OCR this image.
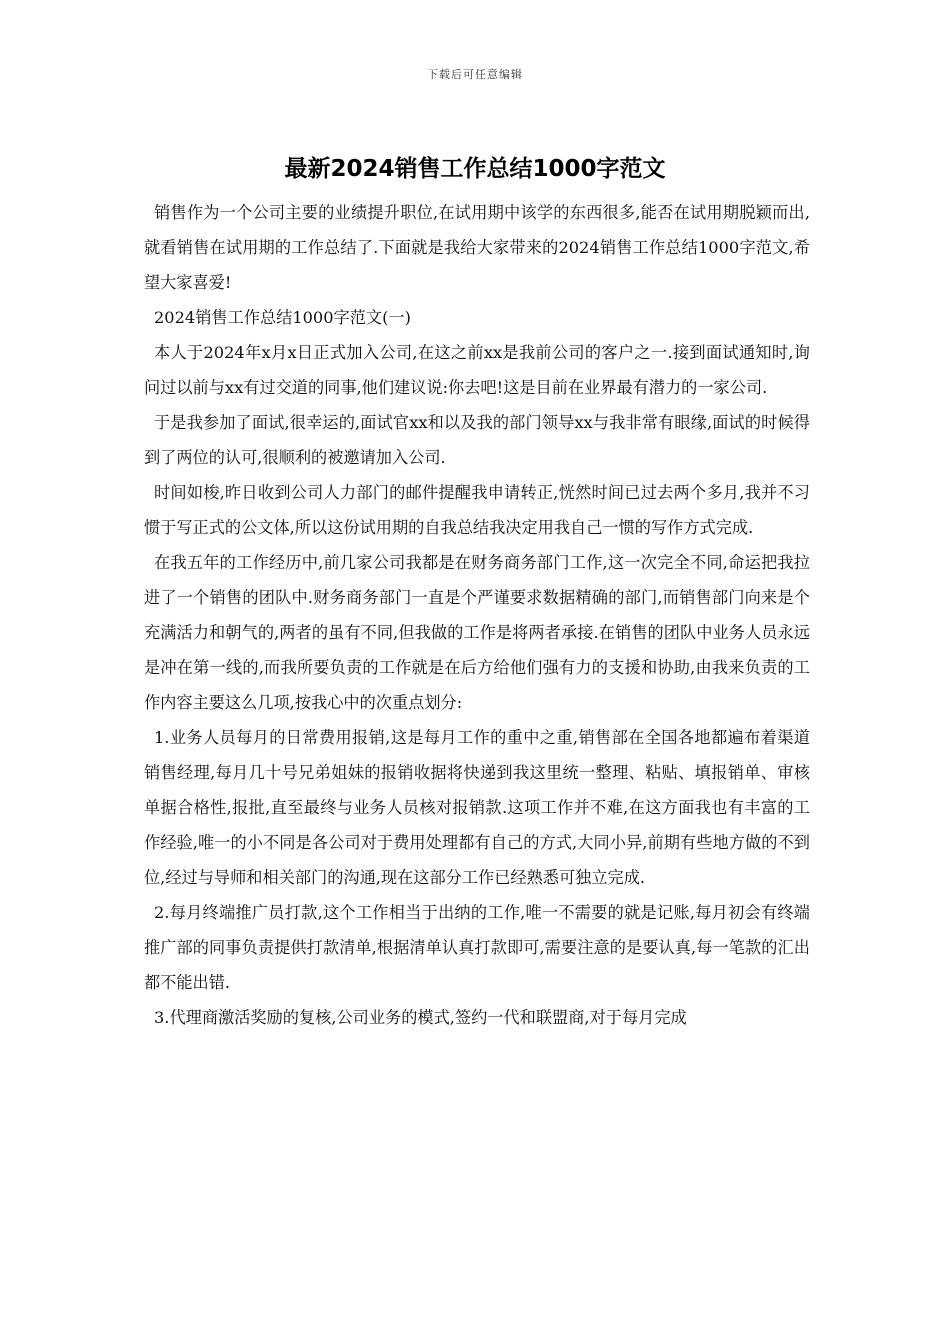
下载后可任意编辑
最新2024销售工作总结1000字范文

销售作为一个公司主要的业绩提升职位,在试用期中该学的东西很多,能否在试用期脱颖而出,就看销售在试用期的工作总结了.下面就是我给大家带来的2024销售工作总结1000字范文,希望大家喜爱!

2024销售工作总结1000字范文(一)

本人于2024年x月x日正式加入公司,在这之前xx是我前公司的客户之一.接到面试通知时,询问过以前与xx有过交道的同事,他们建议说:你去吧!这是目前在业界最有潜力的一家公司.

于是我参加了面试,很幸运的,面试官xx和以及我的部门领导xx与我非常有眼缘,面试的时候得到了两位的认可,很顺利的被邀请加入公司.

时间如梭,昨日收到公司人力部门的邮件提醒我申请转正,恍然时间已过去两个多月,我并不习惯于写正式的公文体,所以这份试用期的自我总结我决定用我自己一惯的写作方式完成.

在我五年的工作经历中,前几家公司我都是在财务商务部门工作,这一次完全不同,命运把我拉进了一个销售的团队中.财务商务部门一直是个严谨要求数据精确的部门,而销售部门向来是个充满活力和朝气的,两者的虽有不同,但我做的工作是将两者承接.在销售的团队中业务人员永远是冲在第一线的,而我所要负责的工作就是在后方给他们强有力的支援和协助,由我来负责的工作内容主要这么几项,按我心中的次重点划分:

1.业务人员每月的日常费用报销,这是每月工作的重中之重,销售部在全国各地都遍布着渠道销售经理,每月几十号兄弟姐妹的报销收据将快递到我这里统一整理、粘贴、填报销单、审核单据合格性,报批,直至最终与业务人员核对报销款.这项工作并不难,在这方面我也有丰富的工作经验,唯一的小不同是各公司对于费用处理都有自己的方式,大同小异,前期有些地方做的不到位,经过与导师和相关部门的沟通,现在这部分工作已经熟悉可独立完成.

2.每月终端推广员打款,这个工作相当于出纳的工作,唯一不需要的就是记账,每月初会有终端推广部的同事负责提供打款清单,根据清单认真打款即可,需要注意的是要认真,每一笔款的汇出都不能出错.

3.代理商激活奖励的复核,公司业务的模式,签约一代和联盟商,对于每月完成
